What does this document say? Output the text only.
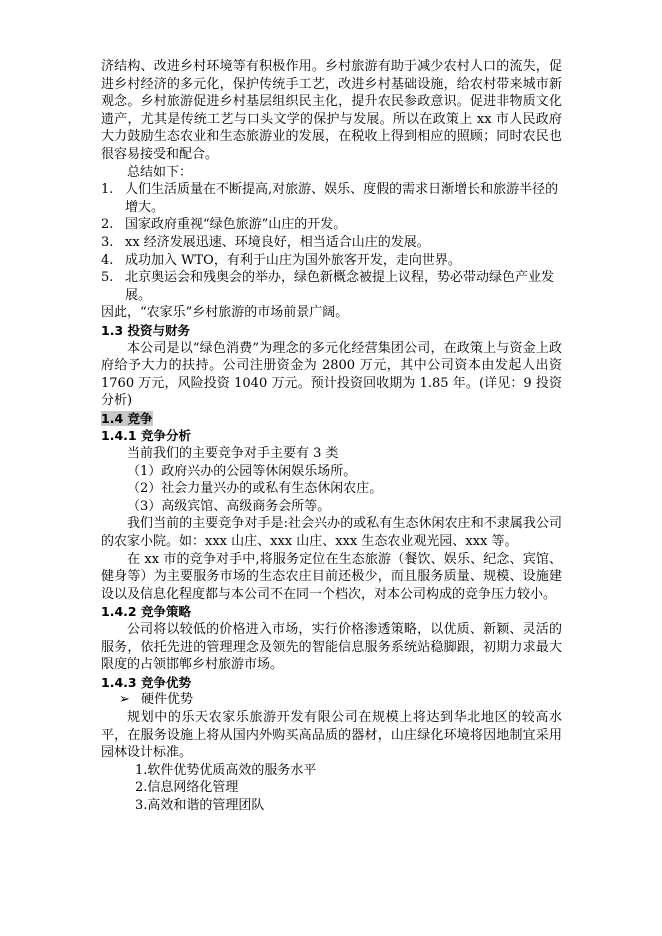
济结构、改进乡村环境等有积极作用。乡村旅游有助于减少农村人口的流失，促进乡村经济的多元化，保护传统手工艺，改进乡村基础设施，给农村带来城市新观念。乡村旅游促进乡村基层组织民主化，提升农民参政意识。促进非物质文化遗产，尤其是传统工艺与口头文学的保护与发展。所以在政策上 xx 市人民政府大力鼓励生态农业和生态旅游业的发展，在税收上得到相应的照顾；同时农民也很容易接受和配合。

总结如下：

1. 人们生活质量在不断提高,对旅游、娱乐、度假的需求日渐增长和旅游半径的增大。
2. 国家政府重视“绿色旅游”山庄的开发。
3. xx 经济发展迅速、环境良好，相当适合山庄的发展。
4. 成功加入 WTO，有利于山庄为国外旅客开发，走向世界。
5. 北京奥运会和残奥会的举办，绿色新概念被提上议程，势必带动绿色产业发展。

因此，“农家乐”乡村旅游的市场前景广阔。

1.3 投资与财务

本公司是以“绿色消费”为理念的多元化经营集团公司，在政策上与资金上政府给予大力的扶持。公司注册资金为 2800 万元，其中公司资本由发起人出资 1760 万元，风险投资 1040 万元。预计投资回收期为 1.85 年。(详见：9 投资分析)

1.4 竞争

1.4.1 竞争分析

当前我们的主要竞争对手主要有 3 类

（1）政府兴办的公园等休闲娱乐场所。

（2）社会力量兴办的或私有生态休闲农庄。

（3）高级宾馆、高级商务会所等。

我们当前的主要竞争对手是:社会兴办的或私有生态休闲农庄和不隶属我公司的农家小院。如：xxx 山庄、xxx 山庄、xxx 生态农业观光园、xxx 等。

在 xx 市的竞争对手中,将服务定位在生态旅游（餐饮、娱乐、纪念、宾馆、健身等）为主要服务市场的生态农庄目前还极少，而且服务质量、规模、设施建设以及信息化程度都与本公司不在同一个档次，对本公司构成的竞争压力较小。

1.4.2 竞争策略

公司将以较低的价格进入市场，实行价格渗透策略，以优质、新颖、灵活的服务，依托先进的管理理念及领先的智能信息服务系统站稳脚跟，初期力求最大限度的占领邯郸乡村旅游市场。

1.4.3 竞争优势

➢ 硬件优势

规划中的乐天农家乐旅游开发有限公司在规模上将达到华北地区的较高水平，在服务设施上将从国内外购买高品质的器材，山庄绿化环境将因地制宜采用园林设计标准。

1.软件优势优质高效的服务水平

2.信息网络化管理

3.高效和谐的管理团队
